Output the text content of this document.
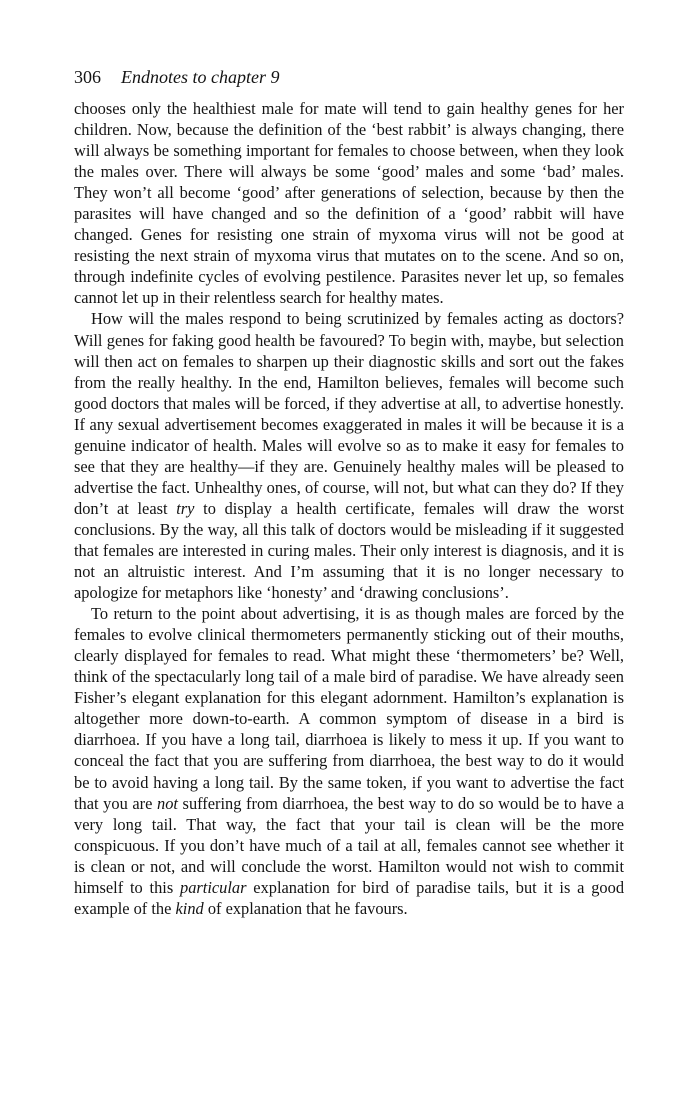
306 Endnotes to chapter 9

chooses only the healthiest male for mate will tend to gain healthy genes for her children. Now, because the definition of the ‘best rabbit’ is always changing, there will always be something important for females to choose between, when they look the males over. There will always be some ‘good’ males and some ‘bad’ males. They won’t all become ‘good’ after generations of selection, because by then the parasites will have changed and so the definition of a ‘good’ rabbit will have changed. Genes for resisting one strain of myxoma virus will not be good at resisting the next strain of myxoma virus that mutates on to the scene. And so on, through indefinite cycles of evolving pestilence. Parasites never let up, so females cannot let up in their relentless search for healthy mates.

How will the males respond to being scrutinized by females acting as doctors? Will genes for faking good health be favoured? To begin with, maybe, but selection will then act on females to sharpen up their diagnostic skills and sort out the fakes from the really healthy. In the end, Hamilton believes, females will become such good doctors that males will be forced, if they advertise at all, to advertise honestly. If any sexual advertisement becomes exaggerated in males it will be because it is a genuine indicator of health. Males will evolve so as to make it easy for females to see that they are healthy—if they are. Genuinely healthy males will be pleased to advertise the fact. Unhealthy ones, of course, will not, but what can they do? If they don’t at least try to display a health certificate, females will draw the worst conclusions. By the way, all this talk of doctors would be misleading if it suggested that females are interested in curing males. Their only interest is diagnosis, and it is not an altruistic interest. And I’m assuming that it is no longer necessary to apologize for metaphors like ‘honesty’ and ‘drawing conclusions’.

To return to the point about advertising, it is as though males are forced by the females to evolve clinical thermometers permanently sticking out of their mouths, clearly displayed for females to read. What might these ‘thermometers’ be? Well, think of the spectacularly long tail of a male bird of paradise. We have already seen Fisher’s elegant explanation for this elegant adornment. Hamilton’s explanation is altogether more down-to-earth. A common symptom of disease in a bird is diarrhoea. If you have a long tail, diarrhoea is likely to mess it up. If you want to conceal the fact that you are suffering from diarrhoea, the best way to do it would be to avoid having a long tail. By the same token, if you want to advertise the fact that you are not suffering from diarrhoea, the best way to do so would be to have a very long tail. That way, the fact that your tail is clean will be the more conspicuous. If you don’t have much of a tail at all, females cannot see whether it is clean or not, and will conclude the worst. Hamilton would not wish to commit himself to this particular explanation for bird of paradise tails, but it is a good example of the kind of explanation that he favours.
